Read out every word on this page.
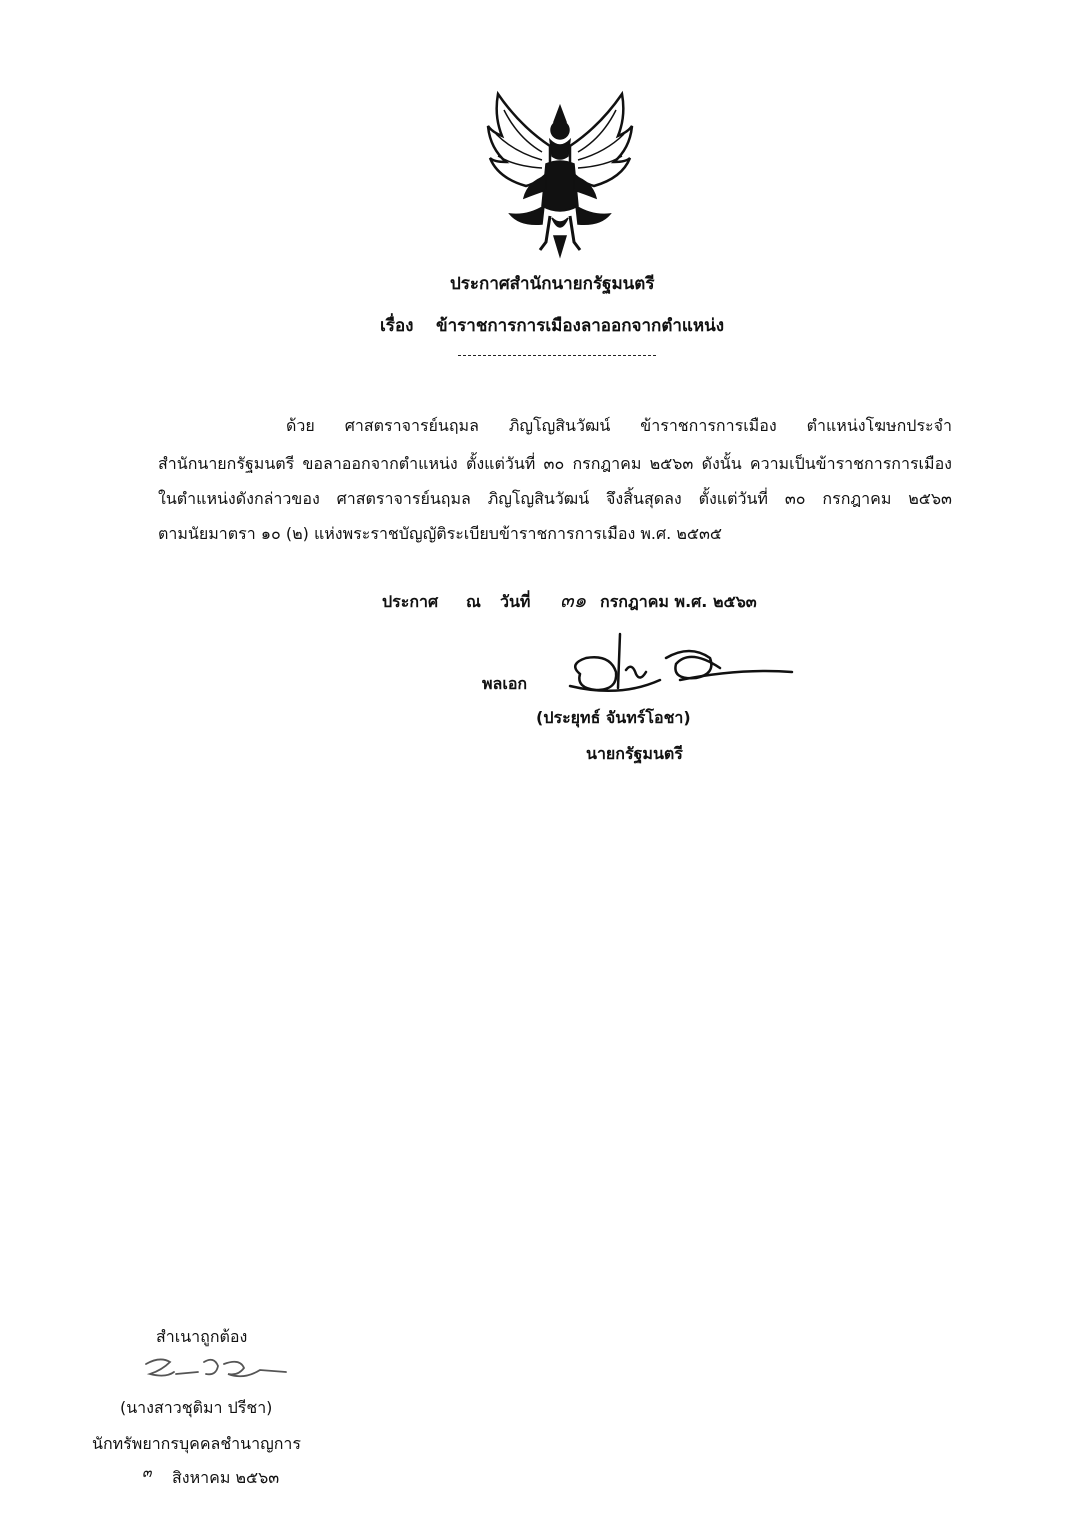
ประกาศสำนักนายกรัฐมนตรี
เรื่อง ข้าราชการการเมืองลาออกจากตำแหน่ง
ด้วย ศาสตราจารย์นฤมล ภิญโญสินวัฒน์ ข้าราชการการเมือง ตำแหน่งโฆษกประจำ
สำนักนายกรัฐมนตรี ขอลาออกจากตำแหน่ง ตั้งแต่วันที่ ๓๐ กรกฎาคม ๒๕๖๓ ดังนั้น ความเป็นข้าราชการการเมือง
ในตำแหน่งดังกล่าวของ ศาสตราจารย์นฤมล ภิญโญสินวัฒน์ จึงสิ้นสุดลง ตั้งแต่วันที่ ๓๐ กรกฎาคม ๒๕๖๓
ตามนัยมาตรา ๑๐ (๒) แห่งพระราชบัญญัติระเบียบข้าราชการการเมือง พ.ศ. ๒๕๓๕
ประกาศ ณ วันที่ ๓๑ กรกฎาคม พ.ศ. ๒๕๖๓
พลเอก
(ประยุทธ์ จันทร์โอชา)
นายกรัฐมนตรี
สำเนาถูกต้อง
(นางสาวชุติมา ปรีชา)
นักทรัพยากรบุคคลชำนาญการ
๓ สิงหาคม ๒๕๖๓
